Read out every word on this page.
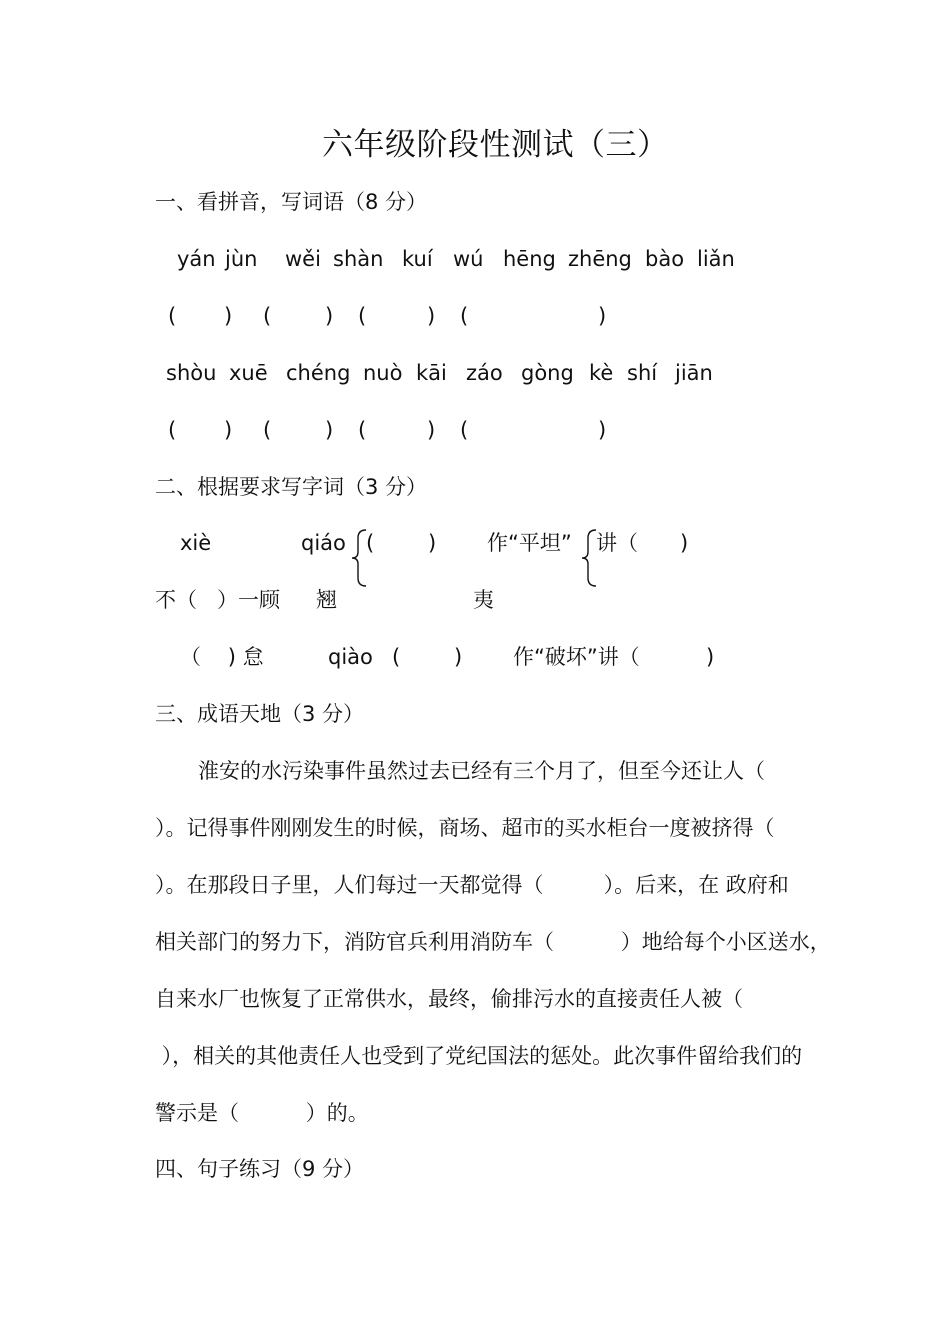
六年级阶段性测试（三）
一、看拼音，写词语（8 分）
yán jùn wěi shàn kuí wú hēng zhēng bào liǎn
( ) (	) (	) (	)
shòu xuē chéng nuò kāi záo gòng kè shí jiān
( ) (	) (	) (	)
二、根据要求写字词（3 分）
xiè	qiáo (	) 作“平坦” 讲（ )
不（   ）一顾 翘	夷
（    ) 怠	qiào (	) 作“破坏”讲（	)
三、成语天地（3 分）
淮安的水污染事件虽然过去已经有三个月了，但至今还让人（
）。记得事件刚刚发生的时候，商场、超市的买水柜台一度被挤得（
）。在那段日子里，人们每过一天都觉得（         ）。后来，在 政府和
相关部门的努力下，消防官兵利用消防车（          ）地给每个小区送水，
自来水厂也恢复了正常供水，最终，偷排污水的直接责任人被（
），相关的其他责任人也受到了党纪国法的惩处。此次事件留给我们的
警示是（          ）的。
四、句子练习（9 分）
